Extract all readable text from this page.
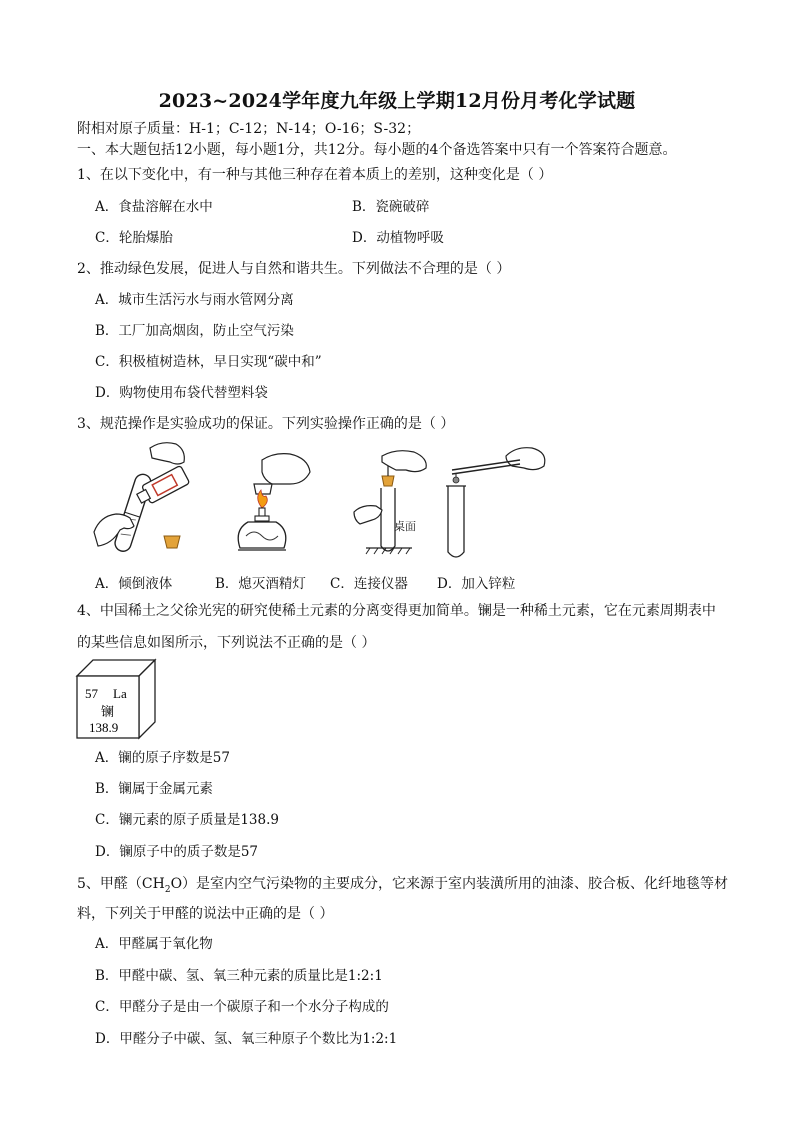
2023~2024学年度九年级上学期12月份月考化学试题
附相对原子质量：H-1；C-12；N-14；O-16；S-32；
一、本大题包括12小题，每小题1分，共12分。每小题的4个备选答案中只有一个答案符合题意。
1、在以下变化中，有一种与其他三种存在着本质上的差别，这种变化是（ ）
A．食盐溶解在水中	B．瓷碗破碎
C．轮胎爆胎	D．动植物呼吸
2、推动绿色发展，促进人与自然和谐共生。下列做法不合理的是（ ）
A．城市生活污水与雨水管网分离
B．工厂加高烟囱，防止空气污染
C．积极植树造林，早日实现“碳中和”
D．购物使用布袋代替塑料袋
3、规范操作是实验成功的保证。下列实验操作正确的是（ ）
桌面
A．倾倒液体	B．熄灭酒精灯 C．连接仪器 D．加入锌粒
4、中国稀土之父徐光宪的研究使稀土元素的分离变得更加简单。镧是一种稀土元素，它在元素周期表中
的某些信息如图所示，下列说法不正确的是（ ）
57 La
镧
138.9
A．镧的原子序数是57
B．镧属于金属元素
C．镧元素的原子质量是138.9
D．镧原子中的质子数是57
5、甲醛$(CH_2O)$是室内空气污染物的主要成分，它来源于室内装潢所用的油漆、胶合板、化纤地毯等材
料，下列关于甲醛的说法中正确的是（ ）
A．甲醛属于氧化物
B．甲醛中碳、氢、氧三种元素的质量比是1:2:1
C．甲醛分子是由一个碳原子和一个水分子构成的
D．甲醛分子中碳、氢、氧三种原子个数比为1:2:1
